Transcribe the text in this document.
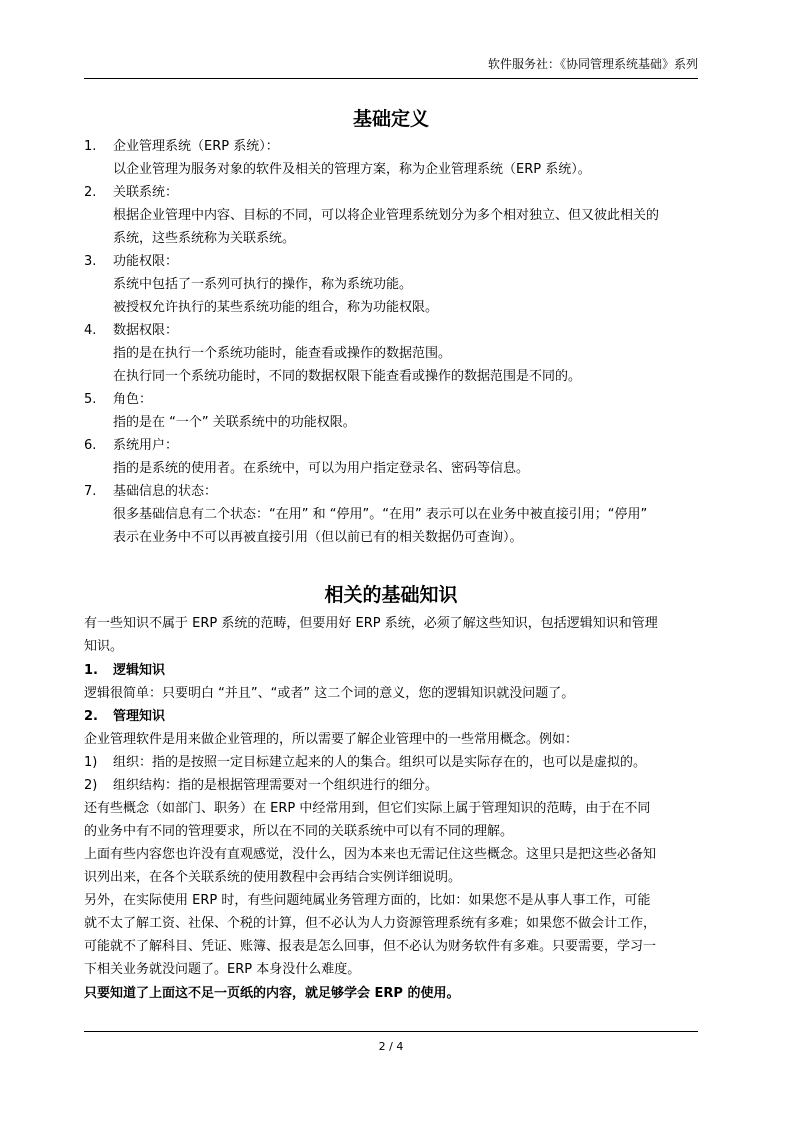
软件服务社：《协同管理系统基础》系列
基础定义
1. 企业管理系统（ERP 系统）：
以企业管理为服务对象的软件及相关的管理方案，称为企业管理系统（ERP 系统）。
2. 关联系统：
根据企业管理中内容、目标的不同，可以将企业管理系统划分为多个相对独立、但又彼此相关的
系统，这些系统称为关联系统。
3. 功能权限：
系统中包括了一系列可执行的操作，称为系统功能。
被授权允许执行的某些系统功能的组合，称为功能权限。
4. 数据权限：
指的是在执行一个系统功能时，能查看或操作的数据范围。
在执行同一个系统功能时，不同的数据权限下能查看或操作的数据范围是不同的。
5. 角色：
指的是在 “一个” 关联系统中的功能权限。
6. 系统用户：
指的是系统的使用者。在系统中，可以为用户指定登录名、密码等信息。
7. 基础信息的状态：
很多基础信息有二个状态：“在用” 和 “停用”。“在用” 表示可以在业务中被直接引用；“停用”
表示在业务中不可以再被直接引用（但以前已有的相关数据仍可查询）。
相关的基础知识
有一些知识不属于 ERP 系统的范畴，但要用好 ERP 系统，必须了解这些知识，包括逻辑知识和管理
知识。
1. 逻辑知识
逻辑很简单：只要明白 “并且”、“或者” 这二个词的意义，您的逻辑知识就没问题了。
2. 管理知识
企业管理软件是用来做企业管理的，所以需要了解企业管理中的一些常用概念。例如：
1) 组织：指的是按照一定目标建立起来的人的集合。组织可以是实际存在的，也可以是虚拟的。
2) 组织结构：指的是根据管理需要对一个组织进行的细分。
还有些概念（如部门、职务）在 ERP 中经常用到，但它们实际上属于管理知识的范畴，由于在不同
的业务中有不同的管理要求，所以在不同的关联系统中可以有不同的理解。
上面有些内容您也许没有直观感觉，没什么，因为本来也无需记住这些概念。这里只是把这些必备知
识列出来，在各个关联系统的使用教程中会再结合实例详细说明。
另外，在实际使用 ERP 时，有些问题纯属业务管理方面的，比如：如果您不是从事人事工作，可能
就不太了解工资、社保、个税的计算，但不必认为人力资源管理系统有多难；如果您不做会计工作，
可能就不了解科目、凭证、账簿、报表是怎么回事，但不必认为财务软件有多难。只要需要，学习一
下相关业务就没问题了。ERP 本身没什么难度。
只要知道了上面这不足一页纸的内容，就足够学会 ERP 的使用。
2 / 4
